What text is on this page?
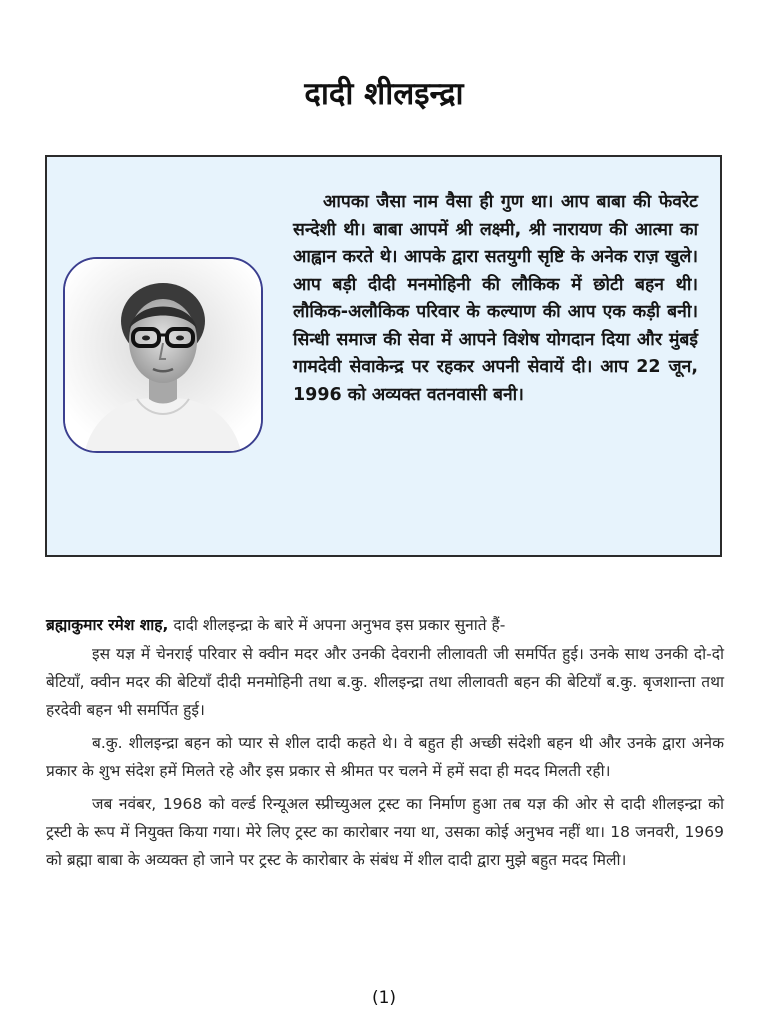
दादी शीलइन्द्रा
आपका जैसा नाम वैसा ही गुण था। आप बाबा की फेवरेट सन्देशी थी। बाबा आपमें श्री लक्ष्मी, श्री नारायण की आत्मा का आह्वान करते थे। आपके द्वारा सतयुगी सृष्टि के अनेक राज़ खुले। आप बड़ी दीदी मनमोहिनी की लौकिक में छोटी बहन थी। लौकिक-अलौकिक परिवार के कल्याण की आप एक कड़ी बनी। सिन्धी समाज की सेवा में आपने विशेष योगदान दिया और मुंबई गामदेवी सेवाकेन्द्र पर रहकर अपनी सेवायें दी। आप 22 जून, 1996 को अव्यक्त वतनवासी बनी।

ब्रह्माकुमार रमेश शाह, दादी शीलइन्द्रा के बारे में अपना अनुभव इस प्रकार सुनाते हैं-

इस यज्ञ में चेनराई परिवार से क्वीन मदर और उनकी देवरानी लीलावती जी समर्पित हुई। उनके साथ उनकी दो-दो बेटियाँ, क्वीन मदर की बेटियाँ दीदी मनमोहिनी तथा ब.कु. शीलइन्द्रा तथा लीलावती बहन की बेटियाँ ब.कु. बृजशान्ता तथा हरदेवी बहन भी समर्पित हुई।

ब.कु. शीलइन्द्रा बहन को प्यार से शील दादी कहते थे। वे बहुत ही अच्छी संदेशी बहन थी और उनके द्वारा अनेक प्रकार के शुभ संदेश हमें मिलते रहे और इस प्रकार से श्रीमत पर चलने में हमें सदा ही मदद मिलती रही।

जब नवंबर, 1968 को वर्ल्ड रिन्यूअल स्प्रीच्युअल ट्रस्ट का निर्माण हुआ तब यज्ञ की ओर से दादी शीलइन्द्रा को ट्रस्टी के रूप में नियुक्त किया गया। मेरे लिए ट्रस्ट का कारोबार नया था, उसका कोई अनुभव नहीं था। 18 जनवरी, 1969 को ब्रह्मा बाबा के अव्यक्त हो जाने पर ट्रस्ट के कारोबार के संबंध में शील दादी द्वारा मुझे बहुत मदद मिली।

(1)
